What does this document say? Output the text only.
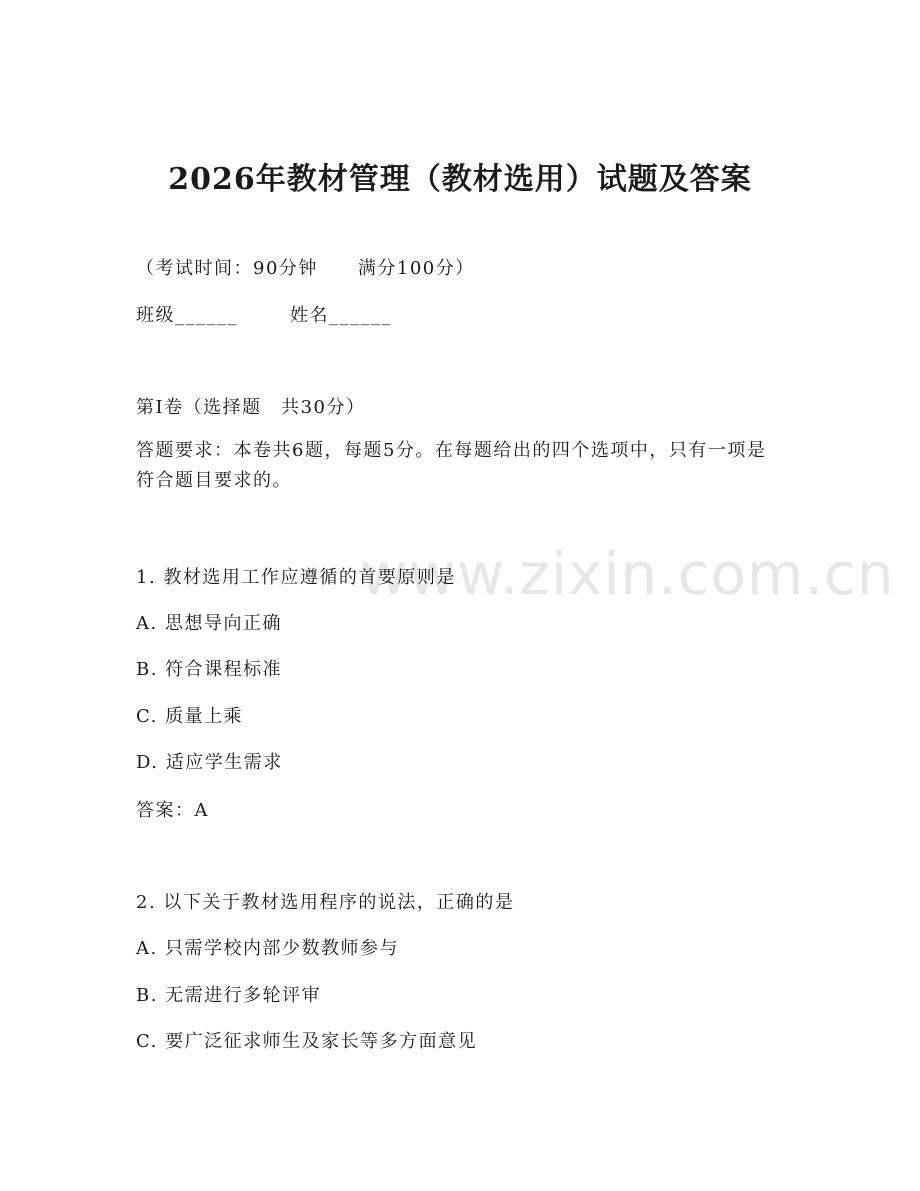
www.zixin.com.cn
2026年教材管理（教材选用）试题及答案
（考试时间：90分钟 满分100分）
班级______	姓名______
第Ⅰ卷（选择题　共30分）
答题要求：本卷共6题，每题5分。在每题给出的四个选项中，只有一项是符合题目要求的。
1. 教材选用工作应遵循的首要原则是
A. 思想导向正确
B. 符合课程标准
C. 质量上乘
D. 适应学生需求
答案：A
2. 以下关于教材选用程序的说法，正确的是
A. 只需学校内部少数教师参与
B. 无需进行多轮评审
C. 要广泛征求师生及家长等多方面意见
